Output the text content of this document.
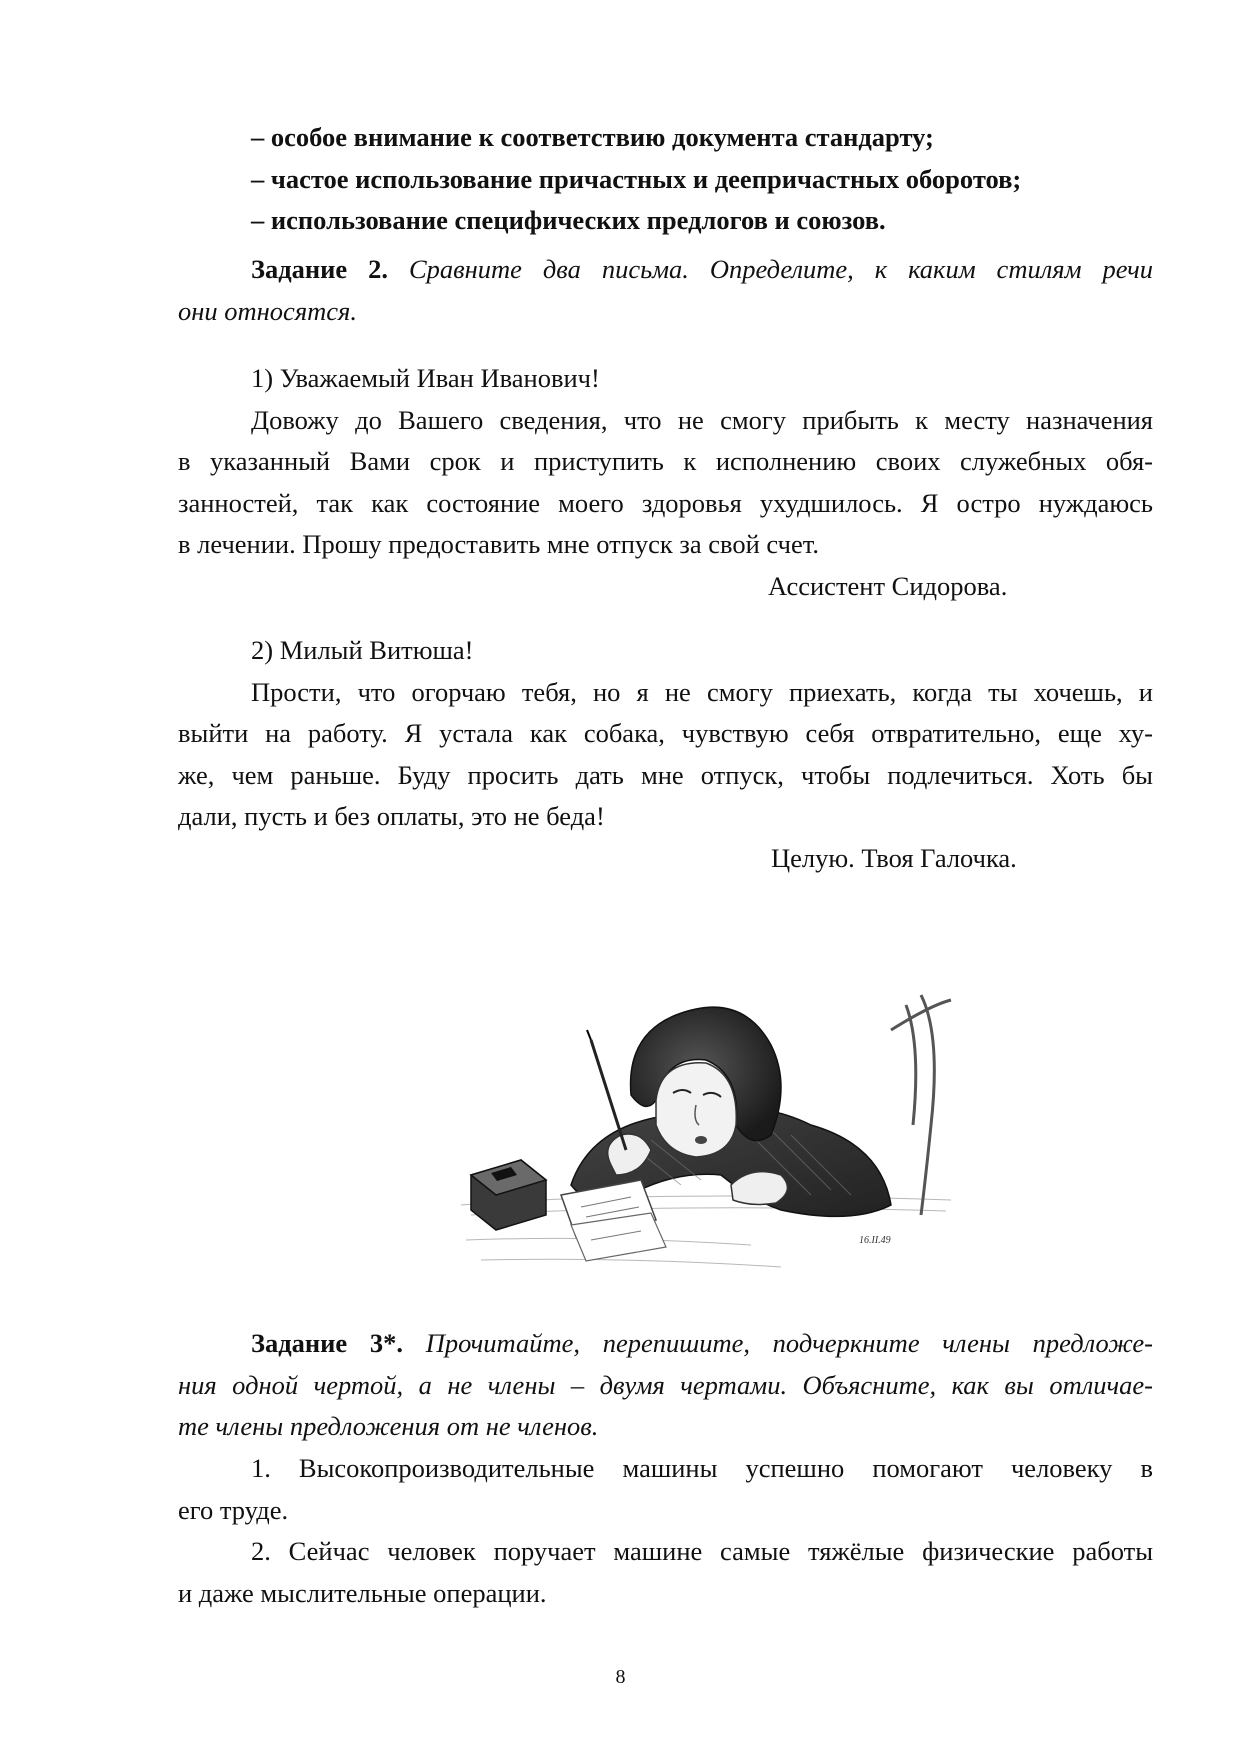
– особое внимание к соответствию документа стандарту;
– частое использование причастных и деепричастных оборотов;
– использование специфических предлогов и союзов.
Задание 2. Сравните два письма. Определите, к каким стилям речи
они относятся.
1) Уважаемый Иван Иванович!
Довожу до Вашего сведения, что не смогу прибыть к месту назначения
в указанный Вами срок и приступить к исполнению своих служебных обя-
занностей, так как состояние моего здоровья ухудшилось. Я остро нуждаюсь
в лечении. Прошу предоставить мне отпуск за свой счет.
Ассистент Сидорова.
2) Милый Витюша!
Прости, что огорчаю тебя, но я не смогу приехать, когда ты хочешь, и
выйти на работу. Я устала как собака, чувствую себя отвратительно, еще ху-
же, чем раньше. Буду просить дать мне отпуск, чтобы подлечиться. Хоть бы
дали, пусть и без оплаты, это не беда!
Целую. Твоя Галочка.
16.II.49
Задание 3*. Прочитайте, перепишите, подчеркните члены предложе-
ния одной чертой, а не члены – двумя чертами. Объясните, как вы отличае-
те члены предложения от не членов.
1. Высокопроизводительные машины успешно помогают человеку в
его труде.
2. Сейчас человек поручает машине самые тяжёлые физические работы
и даже мыслительные операции.
8
